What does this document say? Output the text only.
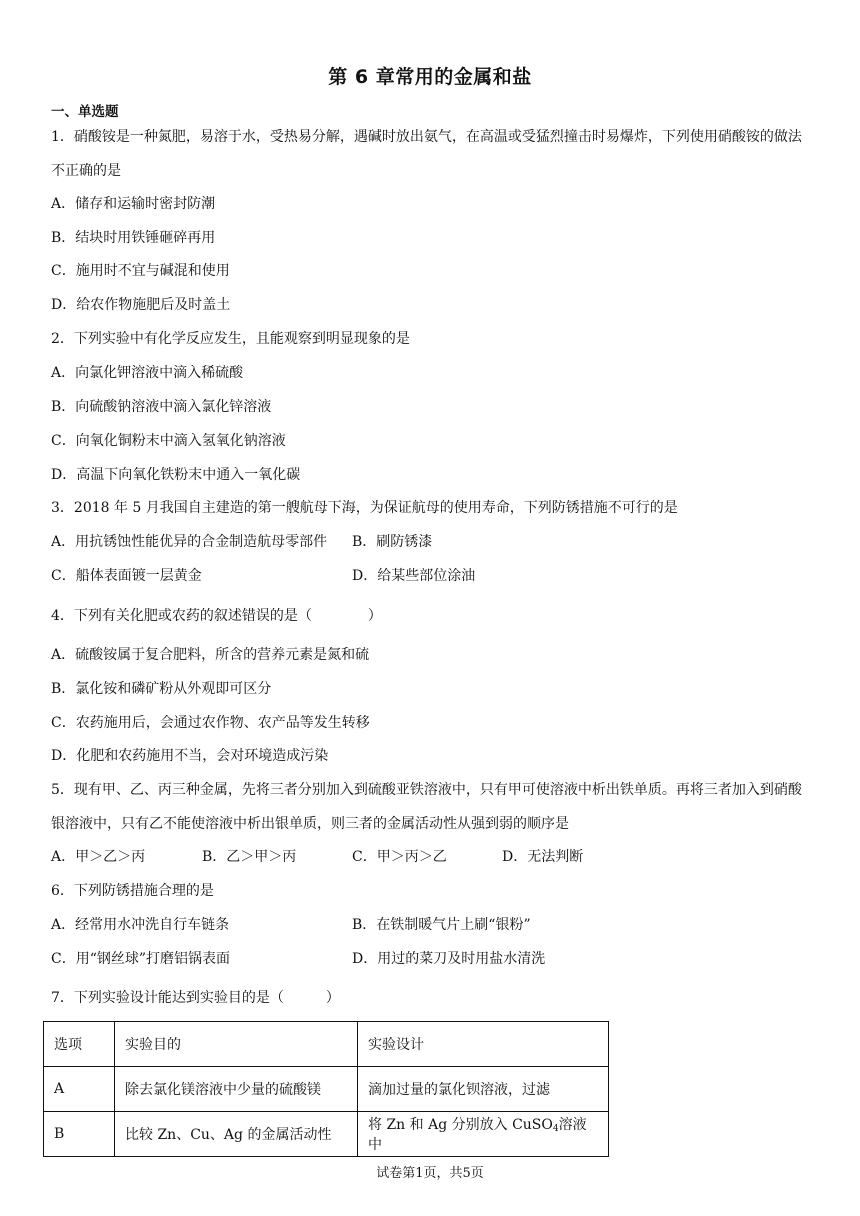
第 6 章常用的金属和盐
一、单选题
1．硝酸铵是一种氮肥，易溶于水，受热易分解，遇碱时放出氨气，在高温或受猛烈撞击时易爆炸，下列使用硝酸铵的做法不正确的是
A．储存和运输时密封防潮
B．结块时用铁锤砸碎再用
C．施用时不宜与碱混和使用
D．给农作物施肥后及时盖土
2．下列实验中有化学反应发生，且能观察到明显现象的是
A．向氯化钾溶液中滴入稀硫酸
B．向硫酸钠溶液中滴入氯化锌溶液
C．向氧化铜粉末中滴入氢氧化钠溶液
D．高温下向氧化铁粉末中通入一氧化碳
3．2018 年 5 月我国自主建造的第一艘航母下海，为保证航母的使用寿命，下列防锈措施不可行的是
A．用抗锈蚀性能优异的合金制造航母零部件 B．刷防锈漆
C．船体表面镀一层黄金	D．给某些部位涂油
4．下列有关化肥或农药的叙述错误的是（　　　　）
A．硫酸铵属于复合肥料，所含的营养元素是氮和硫
B．氯化铵和磷矿粉从外观即可区分
C．农药施用后，会通过农作物、农产品等发生转移
D．化肥和农药施用不当，会对环境造成污染
5．现有甲、乙、丙三种金属，先将三者分别加入到硫酸亚铁溶液中，只有甲可使溶液中析出铁单质。再将三者加入到硝酸银溶液中，只有乙不能使溶液中析出银单质，则三者的金属活动性从强到弱的顺序是
A．甲＞乙＞丙	B．乙＞甲＞丙	C．甲＞丙＞乙	D．无法判断
6．下列防锈措施合理的是
A．经常用水冲洗自行车链条	B．在铁制暖气片上刷“银粉”
C．用“钢丝球”打磨铝锅表面	D．用过的菜刀及时用盐水清洗
7．下列实验设计能达到实验目的是（　　　）
选项	实验目的	实验设计
A	除去氯化镁溶液中少量的硫酸镁	滴加过量的氯化钡溶液，过滤
B	比较 Zn、Cu、Ag 的金属活动性	将 Zn 和 Ag 分别放入 CuSO$_4$溶液中
试卷第1页，共5页
